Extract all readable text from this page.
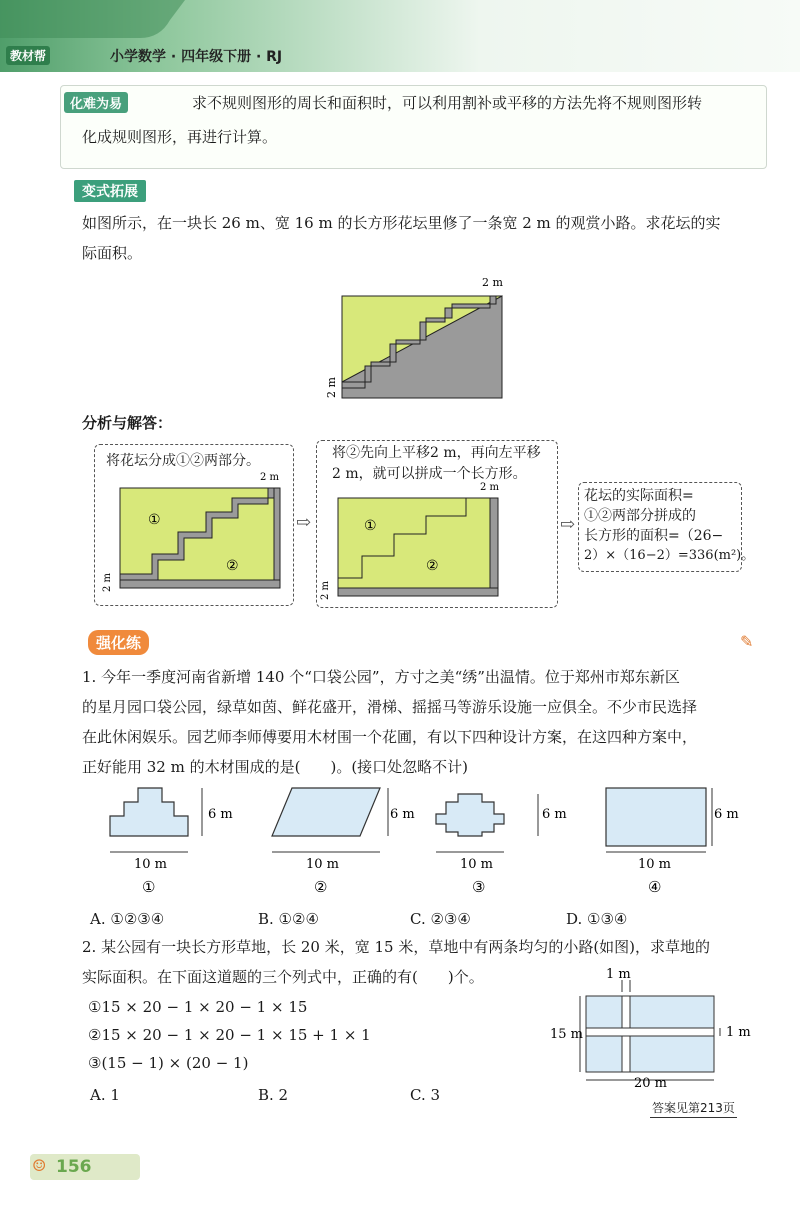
教材帮	小学数学 · 四年级下册 · RJ
化难为易	求不规则图形的周长和面积时，可以利用割补或平移的方法先将不规则图形转
化成规则图形，再进行计算。
变式拓展
如图所示，在一块长 26 m、宽 16 m 的长方形花坛里修了一条宽 2 m 的观赏小路。求花坛的实
际面积。
2 m
2 m
分析与解答：
将花坛分成①②两部分。
①
②
2 m
2 m
⇨
将②先向上平移2 m，再向左平移
2 m，就可以拼成一个长方形。
①
②
2 m
2 m
⇨
花坛的实际面积=
①②两部分拼成的
长方形的面积=（26−
2）×（16−2）=336(m²)。
强化练	✎
1. 今年一季度河南省新增 140 个“口袋公园”，方寸之美“绣”出温情。位于郑州市郑东新区
的星月园口袋公园，绿草如茵、鲜花盛开，滑梯、摇摇马等游乐设施一应俱全。不少市民选择
在此休闲娱乐。园艺师李师傅要用木材围一个花圃，有以下四种设计方案，在这四种方案中，
正好能用 32 m 的木材围成的是(　　)。(接口处忽略不计)
10 m
6 m
10 m
6 m
10 m
6 m
10 m
6 m
①	②	③	④
A. ①②③④	B. ①②④	C. ②③④	D. ①③④
2. 某公园有一块长方形草地，长 20 米，宽 15 米，草地中有两条均匀的小路(如图)，求草地的
实际面积。在下面这道题的三个列式中，正确的有(　　)个。
①15 × 20 − 1 × 20 − 1 × 15
②15 × 20 − 1 × 20 − 1 × 15 + 1 × 1
③(15 − 1) × (20 − 1)
A. 1	B. 2	C. 3
1 m
15 m	1 m
20 m
答案见第213页
☺ 156
